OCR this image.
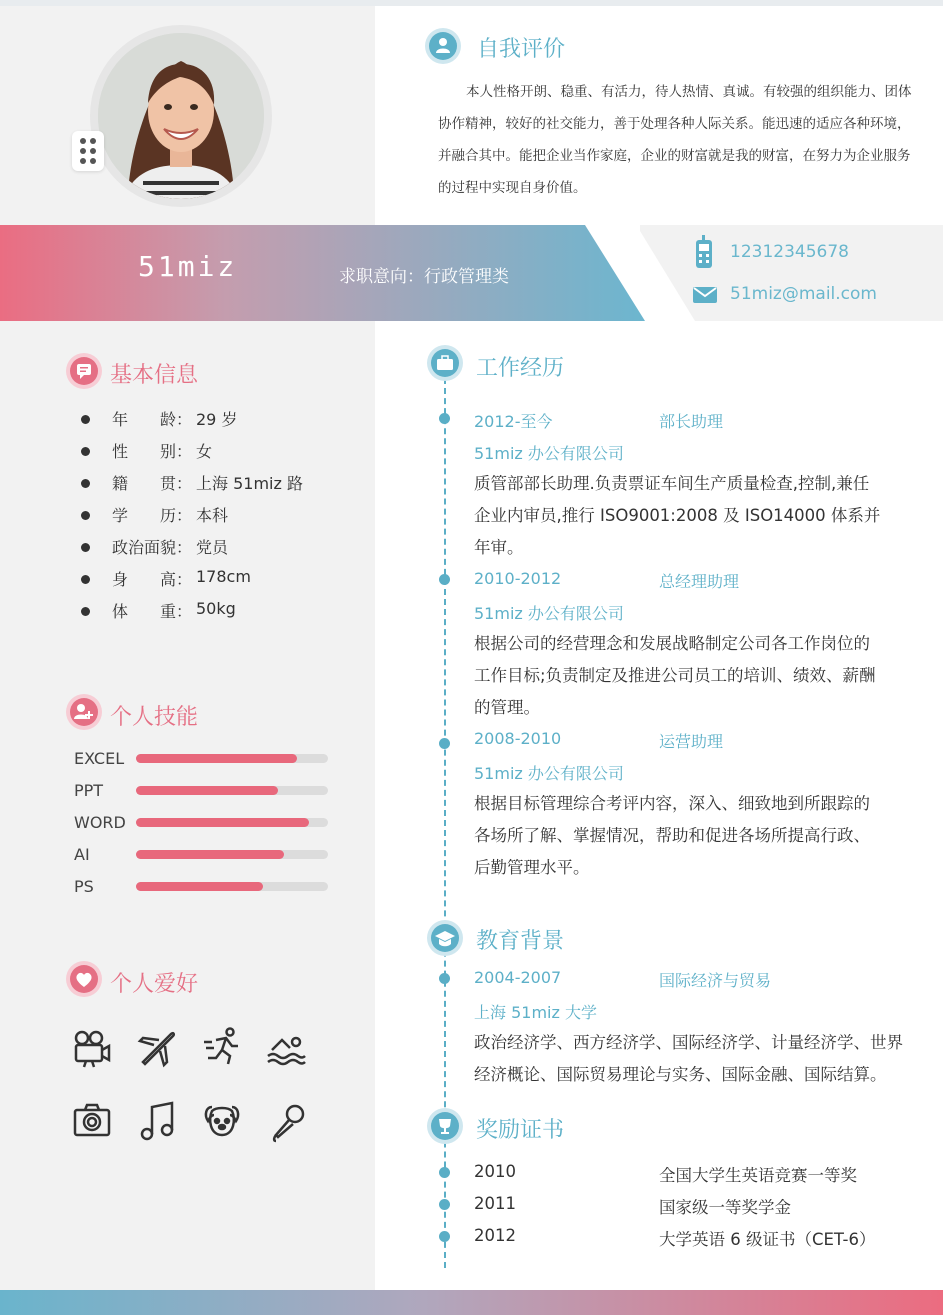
自我评价
本人性格开朗、稳重、有活力，待人热情、真诚。有较强的组织能力、团体协作精神，较好的社交能力，善于处理各种人际关系。能迅速的适应各种环境，并融合其中。能把企业当作家庭，企业的财富就是我的财富，在努力为企业服务的过程中实现自身价值。
51miz	求职意向：行政管理类
12312345678
51miz@mail.com
基本信息
年　　龄： 29 岁
性　　别： 女
籍　　贯： 上海 51miz 路
学　　历： 本科
政治面貌： 党员
身　　高： 178cm
体　　重： 50kg
个人技能
EXCEL
PPT
WORD
AI
PS
个人爱好
工作经历
2012-至今	部长助理
51miz 办公有限公司
质管部部长助理.负责票证车间生产质量检查,控制,兼任企业内审员,推行 ISO9001:2008 及 ISO14000 体系并年审。
2010-2012	总经理助理
51miz 办公有限公司
根据公司的经营理念和发展战略制定公司各工作岗位的工作目标;负责制定及推进公司员工的培训、绩效、薪酬的管理。
2008-2010	运营助理
51miz 办公有限公司
根据目标管理综合考评内容，深入、细致地到所跟踪的各场所了解、掌握情况，帮助和促进各场所提高行政、后勤管理水平。
教育背景
2004-2007	国际经济与贸易
上海 51miz 大学
政治经济学、西方经济学、国际经济学、计量经济学、世界经济概论、国际贸易理论与实务、国际金融、国际结算。
奖励证书
2010	全国大学生英语竞赛一等奖
2011	国家级一等奖学金
2012	大学英语 6 级证书（CET-6）
